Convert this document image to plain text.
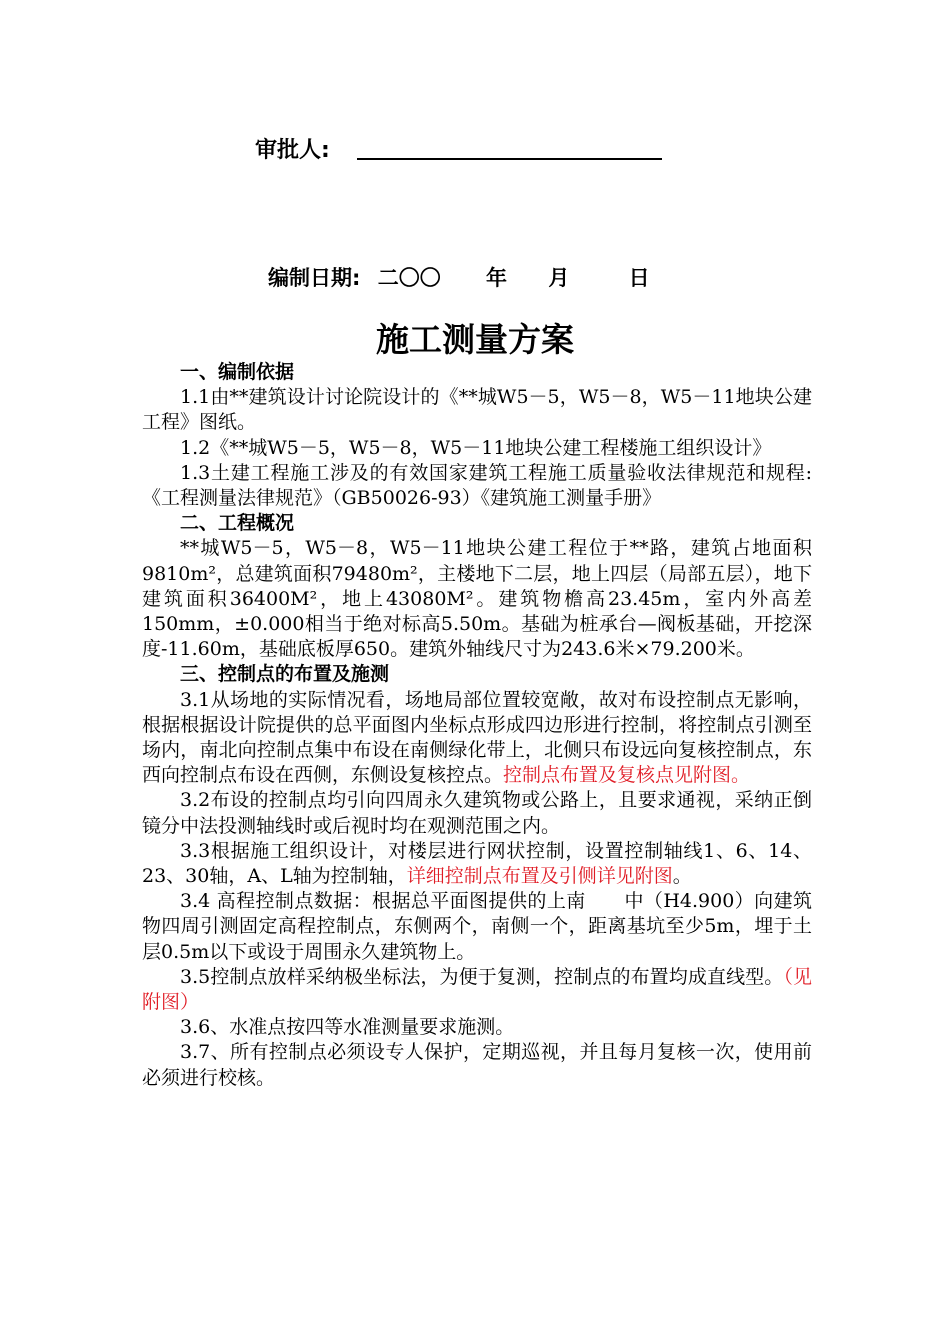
审批人:
编制日期: 二〇〇 年 月	日
施工测量方案
一、编制依据

1.1由**建筑设计讨论院设计的《**城W5－5，W5－8，W5－11地块公建工程》图纸。

1.2《**城W5－5，W5－8，W5－11地块公建工程楼施工组织设计》

1.3土建工程施工涉及的有效国家建筑工程施工质量验收法律规范和规程:《工程测量法律规范》（GB50026-93）《建筑施工测量手册》

二、工程概况

**城W5－5，W5－8，W5－11地块公建工程位于**路，建筑占地面积9810m²，总建筑面积79480m²，主楼地下二层，地上四层（局部五层），地下建筑面积36400M²，地上43080M²。建筑物檐高23.45m，室内外高差150mm，±0.000相当于绝对标高5.50m。基础为桩承台—阀板基础，开挖深度-11.60m，基础底板厚650。建筑外轴线尺寸为243.6米×79.200米。

三、控制点的布置及施测

3.1从场地的实际情况看，场地局部位置较宽敞，故对布设控制点无影响，根据根据设计院提供的总平面图内坐标点形成四边形进行控制，将控制点引测至场内，南北向控制点集中布设在南侧绿化带上，北侧只布设远向复核控制点，东西向控制点布设在西侧，东侧设复核控点。控制点布置及复核点见附图。

3.2布设的控制点均引向四周永久建筑物或公路上，且要求通视，采纳正倒镜分中法投测轴线时或后视时均在观测范围之内。

3.3根据施工组织设计，对楼层进行网状控制，设置控制轴线1、6、14、23、30轴，A、L轴为控制轴，详细控制点布置及引侧详见附图。

3.4 高程控制点数据：根据总平面图提供的上南　　中（H4.900）向建筑物四周引测固定高程控制点，东侧两个，南侧一个，距离基坑至少5m，埋于土层0.5m以下或设于周围永久建筑物上。

3.5控制点放样采纳极坐标法，为便于复测，控制点的布置均成直线型。（见附图）

3.6、水准点按四等水准测量要求施测。

3.7、所有控制点必须设专人保护，定期巡视，并且每月复核一次，使用前必须进行校核。
